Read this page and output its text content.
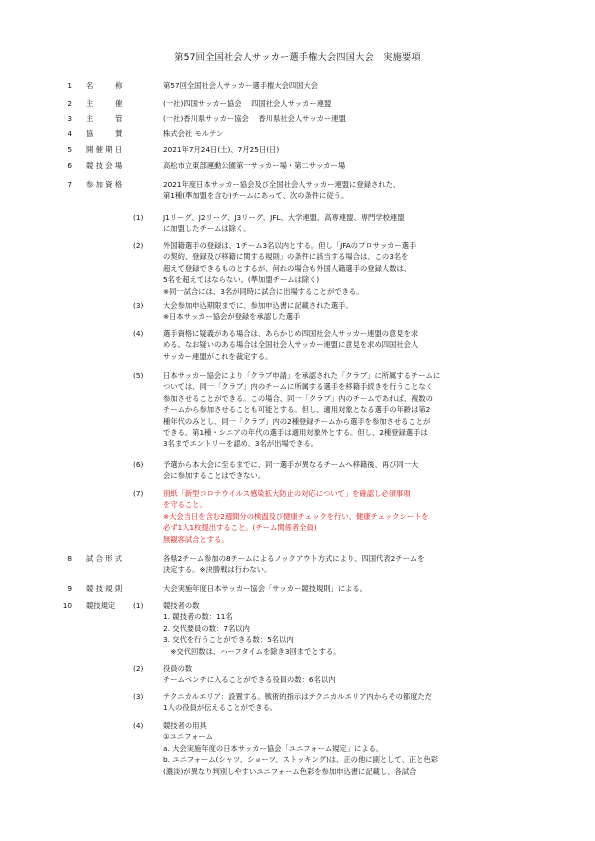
第57回全国社会人サッカー選手権大会四国大会　実施要項
1 名　　　称	第57回全国社会人サッカー選手権大会四国大会
2 主　　　催	(一社)四国サッカー協会　 四国社会人サッカー連盟
3 主　　　管	(一社)香川県サッカー協会　 香川県社会人サッカー連盟
4 協　　　賛	株式会社 モルテン
5 開 催 期 日	2021年7月24日(土)、7月25日(日)
6 競 技 会 場	高松市立東部運動公園第一サッカー場・第二サッカー場
7 参 加 資 格	2021年度日本サッカー協会及び全国社会人サッカー連盟に登録された、
第1種(準加盟を含む)チームにあって、次の条件に従う。
(1)	J1リーグ、J2リーグ、J3リーグ、JFL、大学連盟、高専連盟、専門学校連盟
に加盟したチームは除く。
(2)	外国籍選手の登録は、1チーム3名以内とする。但し「JFAのプロサッカー選手
の契約、登録及び移籍に関する規則」の条件に該当する場合は、この3名を
超えて登録できるものとするが、何れの場合も外国人籍選手の登録人数は、
5名を超えてはならない。(準加盟チームは除く)
※同一試合には、3名が同時に試合に出場することができる。
(3)	大会参加申込期限までに、参加申込書に記載された選手。
※日本サッカー協会が登録を承認した選手
(4)	選手資格に疑義がある場合は、あらかじめ四国社会人サッカー連盟の意見を求
める。なお疑いのある場合は全国社会人サッカー連盟に意見を求め四国社会人
サッカー連盟がこれを裁定する。
(5)	日本サッカー協会により「クラブ申請」を承認された「クラブ」に所属するチームに
ついては、同一「クラブ」内のチームに所属する選手を移籍手続きを行うことなく
参加させることができる。この場合、同一「クラブ」内のチームであれば、複数の
チームから参加させることも可能とする。但し、適用対象となる選手の年齢は第2
種年代のみとし、同一「クラブ」内の2種登録チームから選手を参加させることが
できる。第1種・シニアの年代の選手は適用対象外とする。但し、2種登録選手は
3名までエントリーを認め、3名が出場できる。
(6)	予選から本大会に至るまでに、同一選手が異なるチームへ移籍後、再び同一大
会に参加することはできない。
(7)	別紙「新型コロナウイルス感染拡大防止の対応について」を確認し必須事項
を守ること。
※大会当日を含む2週間分の検温及び健康チェックを行い、健康チェックシートを
必ず1人1枚提出すること。(チーム関係者全員)
無観客試合とする。
8 試 合 形 式	各県2チーム参加の8チームによるノックアウト方式により、四国代表2チームを
決定する。※決勝戦は行わない。
9 競 技 規 則	大会実施年度日本サッカー協会「サッカー競技規則」による。
10 競技規定	(1)	競技者の数
1. 競技者の数：11名
2. 交代要員の数：7名以内
3. 交代を行うことができる数：5名以内
　※交代回数は、ハーフタイムを除き3回までとする。
(2)	役員の数
チームベンチに入ることができる役員の数：6名以内
(3)	テクニカルエリア：設置する。戦術的指示はテクニカルエリア内からその都度ただ
1人の役員が伝えることができる。
(4)	競技者の用具
①ユニフォーム
a. 大会実施年度の日本サッカー協会「ユニフォーム規定」による。
b. ユニフォーム(シャツ、ショーツ、ストッキング)は、正の他に副として、正と色彩
(濃淡)が異なり判別しやすいユニフォーム色彩を参加申込書に記載し、各試合
